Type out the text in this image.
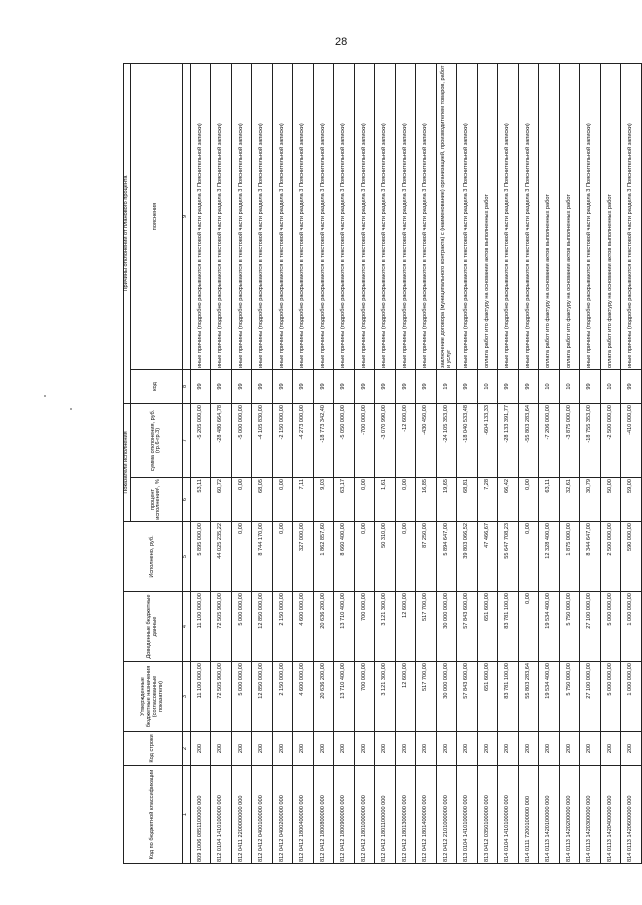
28
Код по бюджетной классификации	Код строки	Утвержденные бюджетные назначения (согласованные показатели)	Доведенные бюджетные данные	Исполнено, руб.	Показатели исполнения		Причины отклонений от планового процента		
					процент исполнения¹, %	сумма отклонения, руб. (гр.6-гр.3)	код	пояснения	

1	2	3	4	5	6	7	8	9	
809 1006 0851100000 000	200	11 100 000,00	11 100 000,00	5 895 000,00	53,11	-5 205 000,00	99	иные причины (подробно раскрываются в текстовой части раздела 3 Пояснительной записки)	
812 0104 1410100000 000	200	72 505 900,00	72 505 900,00	44 025 235,22	60,72	-28 480 664,78	99	иные причины (подробно раскрываются в текстовой части раздела 3 Пояснительной записки)	
812 0411 2200000000 000	200	5 000 000,00	5 000 000,00	0,00	0,00	-5 000 000,00	99	иные причины (подробно раскрываются в текстовой части раздела 3 Пояснительной записки)	
812 0412 0400100000 000	200	12 850 000,00	12 850 000,00	8 744 170,00	68,05	-4 105 830,00	99	иные причины (подробно раскрываются в текстовой части раздела 3 Пояснительной записки)	
812 0412 0400200000 000	200	2 150 000,00	2 150 000,00	0,00	0,00	-2 150 000,00	99	иные причины (подробно раскрываются в текстовой части раздела 3 Пояснительной записки)	
812 0412 1800400000 000	200	4 600 000,00	4 600 000,00	327 000,00	7,11	-4 273 000,00	99	иные причины (подробно раскрываются в текстовой части раздела 3 Пояснительной записки)	
812 0412 1800800000 000	200	20 636 200,00	20 636 200,00	1 862 857,60	9,03	-18 773 342,40	99	иные причины (подробно раскрываются в текстовой части раздела 3 Пояснительной записки)	
812 0412 1800900000 000	200	13 710 400,00	13 710 400,00	8 660 400,00	63,17	-5 050 000,00	99	иные причины (подробно раскрываются в текстовой части раздела 3 Пояснительной записки)	
812 0412 1801000000 000	200	700 000,00	700 000,00	0,00	0,00	-700 000,00	99	иные причины (подробно раскрываются в текстовой части раздела 3 Пояснительной записки)	
812 0412 1801100000 000	200	3 121 300,00	3 121 300,00	50 310,00	1,61	-3 070 990,00	99	иные причины (подробно раскрываются в текстовой части раздела 3 Пояснительной записки)	
812 0412 1801300000 000	200	12 600,00	12 600,00	0,00	0,00	-12 600,00	99	иные причины (подробно раскрываются в текстовой части раздела 3 Пояснительной записки)	
812 0412 1801400000 000	200	517 700,00	517 700,00	87 250,00	16,85	-430 450,00	99	иные причины (подробно раскрываются в текстовой части раздела 3 Пояснительной записки)	
812 0412 2101000000 000	200	30 000 000,00	30 000 000,00	5 894 647,00	19,65	-24 105 353,00	19	заключение договора (муниципального контракта) с (наименование) организацией, производителем товаров, работ и услуг	
813 0104 1410100000 000	200	57 843 600,00	57 843 600,00	39 803 066,52	68,81	-18 040 533,48	99	иные причины (подробно раскрываются в текстовой части раздела 3 Пояснительной записки)	
813 0412 0350100000 000	200	651 600,00	651 600,00	47 466,67	7,28	-604 133,33	10	оплата работ ито фактуру на основании актов выполненных работ	
814 0104 1410100000 000	200	83 781 100,00	83 781 100,00	55 647 708,23	66,42	-28 133 391,77	99	иные причины (подробно раскрываются в текстовой части раздела 3 Пояснительной записки)	
814 0111 7200100000 000	200	55 803 283,64	0,00	0,00	0,00	-55 803 283,64	99	иные причины (подробно раскрываются в текстовой части раздела 3 Пояснительной записки)	
814 0113 1420100000 000	200	19 534 400,00	19 534 400,00	12 328 400,00	63,11	-7 206 000,00	10	оплата работ ито фактуру на основании актов выполненных работ	
814 0113 1420200000 000	200	5 750 000,00	5 750 000,00	1 875 000,00	32,61	-3 875 000,00	10	оплата работ ито фактуру на основании актов выполненных работ	
814 0113 1420300000 000	200	27 100 000,00	27 100 000,00	8 344 647,00	30,79	-18 755 353,00	99	иные причины (подробно раскрываются в текстовой части раздела 3 Пояснительной записки)	
814 0113 1420400000 000	200	5 000 000,00	5 000 000,00	2 500 000,00	50,00	-2 500 000,00	10	оплата работ ито фактуру на основании актов выполненных работ	
814 0113 1420600000 000	200	1 000 000,00	1 000 000,00	590 000,00	59,00	-410 000,00	99	иные причины (подробно раскрываются в текстовой части раздела 3 Пояснительной записки)	
